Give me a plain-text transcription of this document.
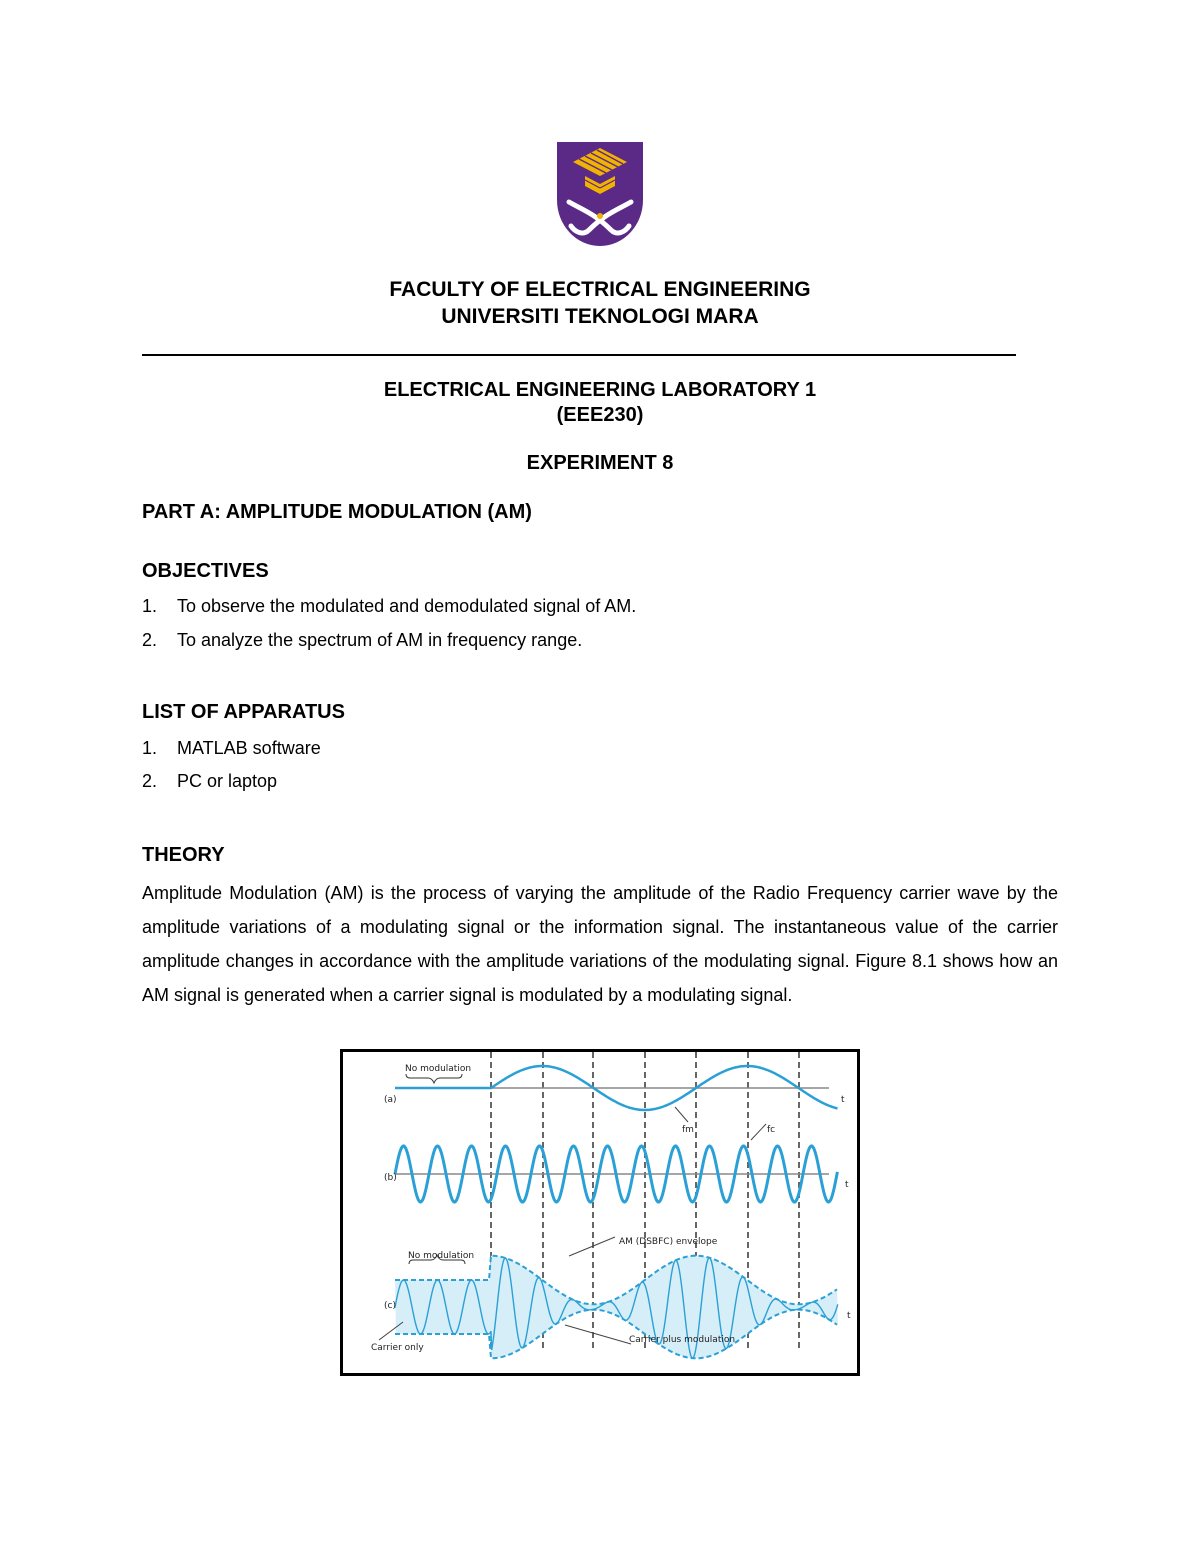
FACULTY OF ELECTRICAL ENGINEERING
UNIVERSITI TEKNOLOGI MARA
ELECTRICAL ENGINEERING LABORATORY 1
(EEE230)
EXPERIMENT 8
PART A: AMPLITUDE MODULATION (AM)
OBJECTIVES
1. To observe the modulated and demodulated signal of AM.
2. To analyze the spectrum of AM in frequency range.
LIST OF APPARATUS
1. MATLAB software
2. PC or laptop
THEORY
Amplitude Modulation (AM) is the process of varying the amplitude of the Radio Frequency carrier wave by the amplitude variations of a modulating signal or the information signal. The instantaneous value of the carrier amplitude changes in accordance with the amplitude variations of the modulating signal. Figure 8.1 shows how an AM signal is generated when a carrier signal is modulated by a modulating signal.
No modulation
(a)
(b)
(c)
t
t
t
fm	fc
AM (DSBFC) envelope
No modulation
Carrier only
Carrier plus modulation
